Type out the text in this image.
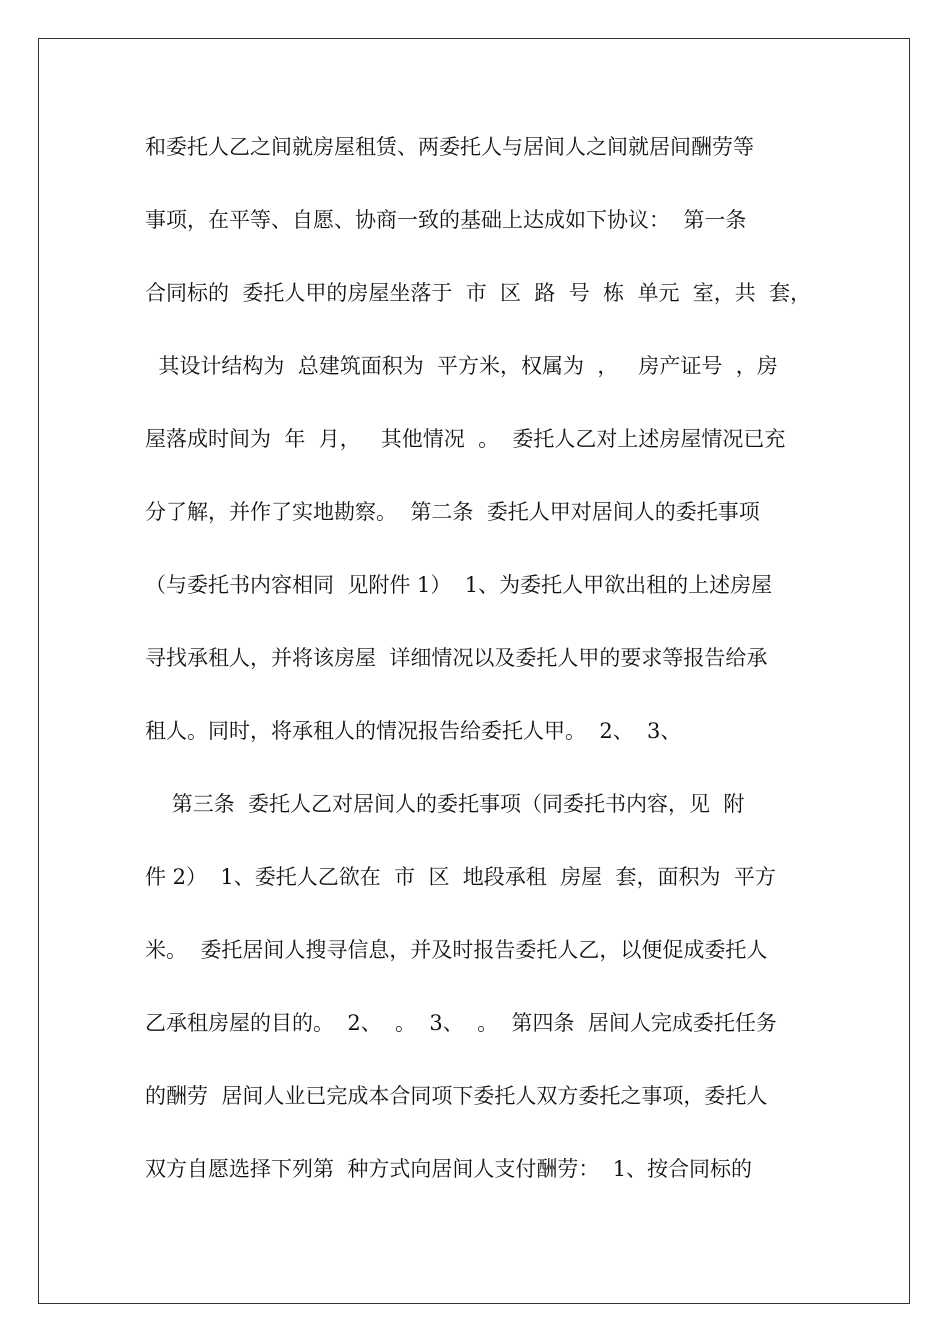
和委托人乙之间就房屋租赁、两委托人与居间人之间就居间酬劳等
事项，在平等、自愿、协商一致的基础上达成如下协议：  第一条
合同标的  委托人甲的房屋坐落于  市  区  路  号  栋  单元  室，共  套，
其设计结构为  总建筑面积为  平方米，权属为  ，   房产证号  ，房
屋落成时间为  年  月，   其他情况  。  委托人乙对上述房屋情况已充
分了解，并作了实地勘察。  第二条  委托人甲对居间人的委托事项
（与委托书内容相同  见附件 1）  1、为委托人甲欲出租的上述房屋
寻找承租人，并将该房屋  详细情况以及委托人甲的要求等报告给承
租人。同时，将承租人的情况报告给委托人甲。  2、  3、
第三条  委托人乙对居间人的委托事项（同委托书内容，见  附
件 2）  1、委托人乙欲在  市  区  地段承租  房屋  套，面积为  平方
米。  委托居间人搜寻信息，并及时报告委托人乙，以便促成委托人
乙承租房屋的目的。  2、  。  3、  。  第四条  居间人完成委托任务
的酬劳  居间人业已完成本合同项下委托人双方委托之事项，委托人
双方自愿选择下列第  种方式向居间人支付酬劳：  1、按合同标的
